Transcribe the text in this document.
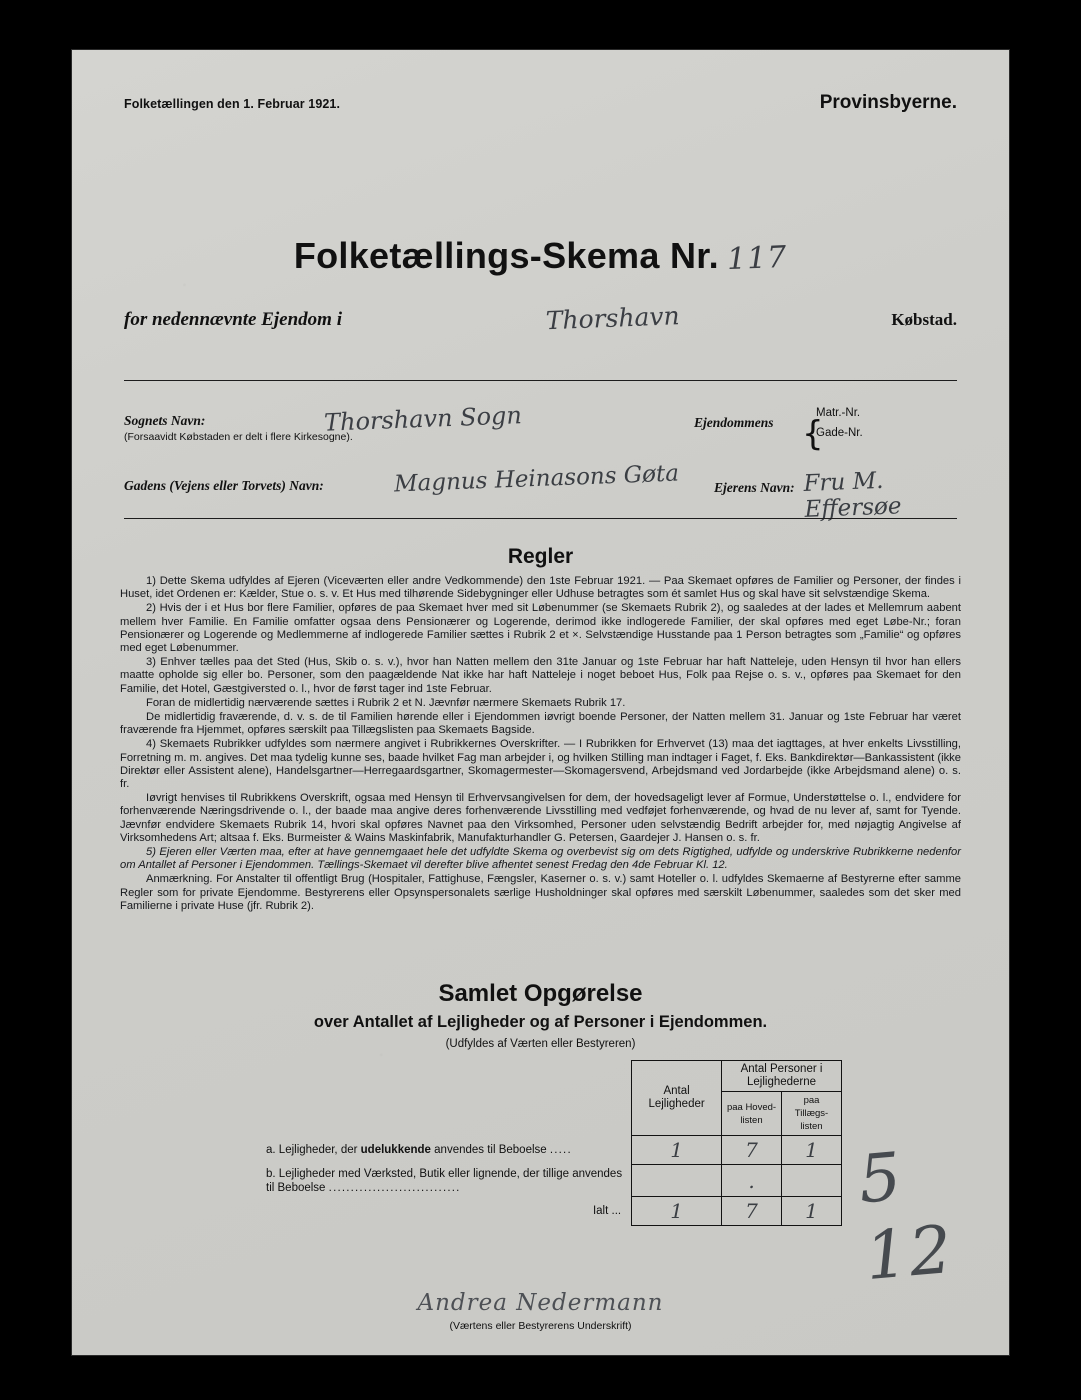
Folketællingen den 1. Februar 1921.	Provinsbyerne.
Folketællings-Skema Nr. 117
for nedennævnte Ejendom i	Thorshavn	Købstad.
Sognets Navn:
(Forsaavidt Købstaden er delt i flere Kirkesogne).
Thorshavn Sogn	Ejendommens {
Matr.-Nr.
Gade-Nr.
Gadens (Vejens eller Torvets) Navn:	Magnus Heinasons Gøta	Ejerens Navn: Fru M. Effersøe
Regler

1) Dette Skema udfyldes af Ejeren (Viceværten eller andre Vedkommende) den 1ste Februar 1921. — Paa Skemaet opføres de Familier og Personer, der findes i Huset, idet Ordenen er: Kælder, Stue o. s. v. Et Hus med tilhørende Sidebygninger eller Udhuse betragtes som ét samlet Hus og skal have sit selvstændige Skema.

2) Hvis der i et Hus bor flere Familier, opføres de paa Skemaet hver med sit Løbenummer (se Skemaets Rubrik 2), og saaledes at der lades et Mellemrum aabent mellem hver Familie. En Familie omfatter ogsaa dens Pensionærer og Logerende, derimod ikke indlogerede Familier, der skal opføres med eget Løbe-Nr.; foran Pensionærer og Logerende og Medlemmerne af indlogerede Familier sættes i Rubrik 2 et ×. Selvstændige Husstande paa 1 Person betragtes som „Familie“ og opføres med eget Løbenummer.

3) Enhver tælles paa det Sted (Hus, Skib o. s. v.), hvor han Natten mellem den 31te Januar og 1ste Februar har haft Natteleje, uden Hensyn til hvor han ellers maatte opholde sig eller bo. Personer, som den paagældende Nat ikke har haft Natteleje i noget beboet Hus, Folk paa Rejse o. s. v., opføres paa Skemaet for den Familie, det Hotel, Gæstgiversted o. l., hvor de først tager ind 1ste Februar.

Foran de midlertidig nærværende sættes i Rubrik 2 et N. Jævnfør nærmere Skemaets Rubrik 17.

De midlertidig fraværende, d. v. s. de til Familien hørende eller i Ejendommen iøvrigt boende Personer, der Natten mellem 31. Januar og 1ste Februar har været fraværende fra Hjemmet, opføres særskilt paa Tillægslisten paa Skemaets Bagside.

4) Skemaets Rubrikker udfyldes som nærmere angivet i Rubrikkernes Overskrifter. — I Rubrikken for Erhvervet (13) maa det iagttages, at hver enkelts Livsstilling, Forretning m. m. angives. Det maa tydelig kunne ses, baade hvilket Fag man arbejder i, og hvilken Stilling man indtager i Faget, f. Eks. Bankdirektør—Bankassistent (ikke Direktør eller Assistent alene), Handelsgartner—Herregaardsgartner, Skomagermester—Skomagersvend, Arbejdsmand ved Jordarbejde (ikke Arbejdsmand alene) o. s. fr.

Iøvrigt henvises til Rubrikkens Overskrift, ogsaa med Hensyn til Erhvervsangivelsen for dem, der hovedsageligt lever af Formue, Understøttelse o. l., endvidere for forhenværende Næringsdrivende o. l., der baade maa angive deres forhenværende Livsstilling med vedføjet forhenværende, og hvad de nu lever af, samt for Tyende. Jævnfør endvidere Skemaets Rubrik 14, hvori skal opføres Navnet paa den Virksomhed, Personer uden selvstændig Bedrift arbejder for, med nøjagtig Angivelse af Virksomhedens Art; altsaa f. Eks. Burmeister & Wains Maskinfabrik, Manufakturhandler G. Petersen, Gaardejer J. Hansen o. s. fr.

5) Ejeren eller Værten maa, efter at have gennemgaaet hele det udfyldte Skema og overbevist sig om dets Rigtighed, udfylde og underskrive Rubrikkerne nedenfor om Antallet af Personer i Ejendommen. Tællings-Skemaet vil derefter blive afhentet senest Fredag den 4de Februar Kl. 12.

Anmærkning. For Anstalter til offentligt Brug (Hospitaler, Fattighuse, Fængsler, Kaserner o. s. v.) samt Hoteller o. l. udfyldes Skemaerne af Bestyrerne efter samme Regler som for private Ejendomme. Bestyrerens eller Opsynspersonalets særlige Husholdninger skal opføres med særskilt Løbenummer, saaledes som det sker med Familierne i private Huse (jfr. Rubrik 2).

Samlet Opgørelse
over Antallet af Lejligheder og af Personer i Ejendommen.
(Udfyldes af Værten eller Bestyreren)
	Antal Lejligheder	Antal Personer i Lejlighederne	
		paa Hoved-listen	paa Tillægs-listen
a. Lejligheder, der udelukkende anvendes til Beboelse .....	1	7	1
b. Lejligheder med Værksted, Butik eller lignende, der tillige anvendes til Beboelse ..............................		.	
Ialt ...	1	7	1 5 12
Andrea Nedermann
(Værtens eller Bestyrerens Underskrift)
